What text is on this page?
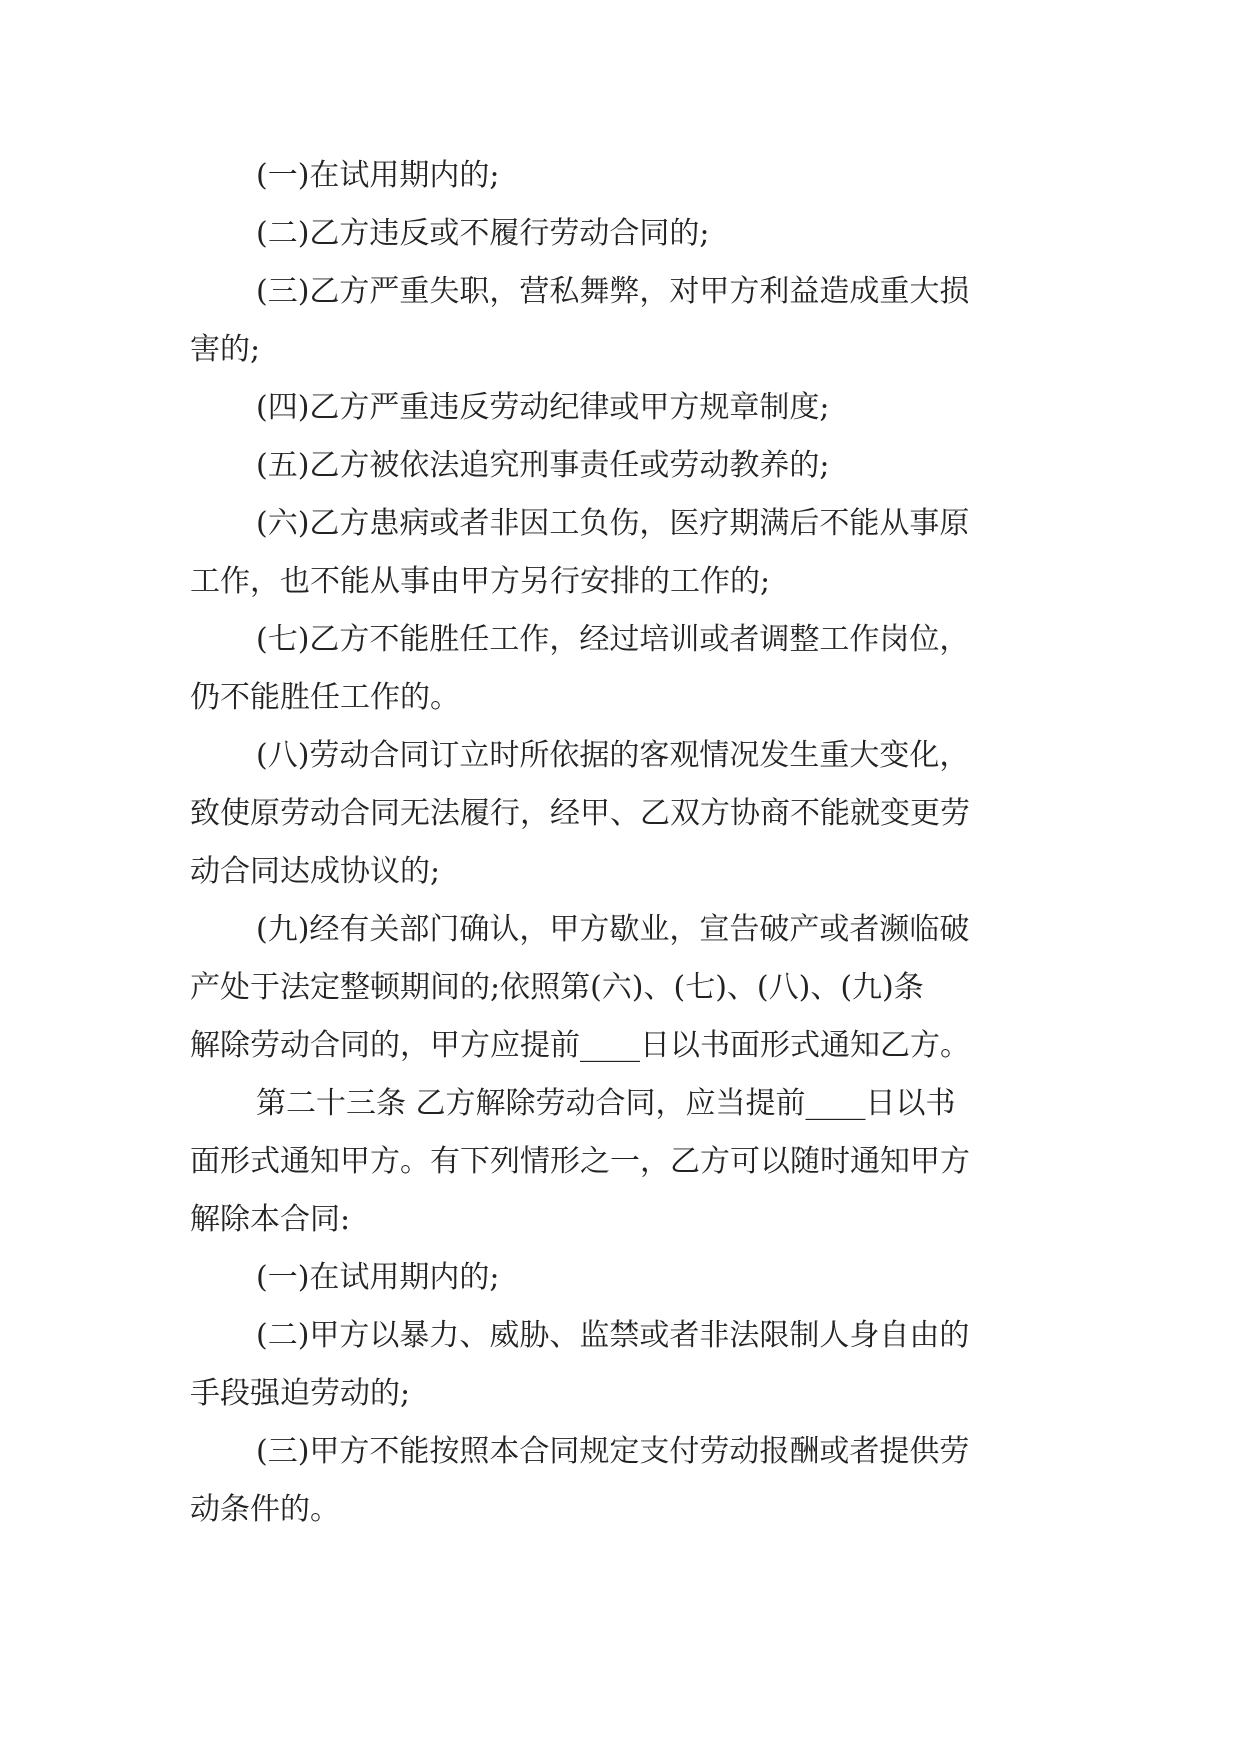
(一)在试用期内的;
(二)乙方违反或不履行劳动合同的;
(三)乙方严重失职，营私舞弊，对甲方利益造成重大损
害的;
(四)乙方严重违反劳动纪律或甲方规章制度;
(五)乙方被依法追究刑事责任或劳动教养的;
(六)乙方患病或者非因工负伤，医疗期满后不能从事原
工作，也不能从事由甲方另行安排的工作的;
(七)乙方不能胜任工作，经过培训或者调整工作岗位，
仍不能胜任工作的。
(八)劳动合同订立时所依据的客观情况发生重大变化，
致使原劳动合同无法履行，经甲、乙双方协商不能就变更劳
动合同达成协议的;
(九)经有关部门确认，甲方歇业，宣告破产或者濒临破
产处于法定整顿期间的;依照第(六)、(七)、(八)、(九)条
解除劳动合同的，甲方应提前____日以书面形式通知乙方。
第二十三条 乙方解除劳动合同，应当提前____日以书
面形式通知甲方。有下列情形之一，乙方可以随时通知甲方
解除本合同:
(一)在试用期内的;
(二)甲方以暴力、威胁、监禁或者非法限制人身自由的
手段强迫劳动的;
(三)甲方不能按照本合同规定支付劳动报酬或者提供劳
动条件的。
